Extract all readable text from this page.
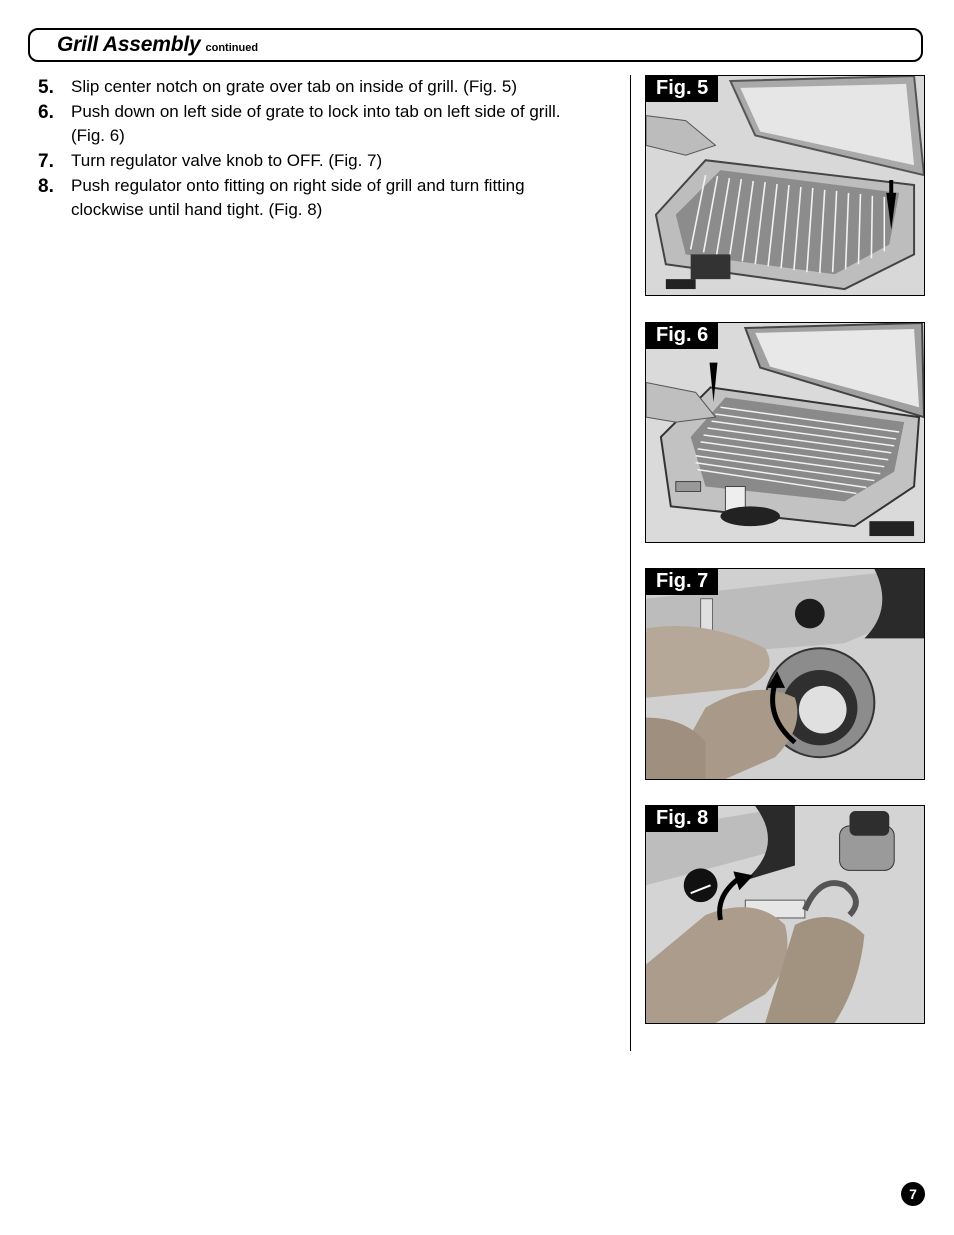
Grill Assembly continued
5. Slip center notch on grate over tab on inside of grill. (Fig. 5)
6. Push down on left side of grate to lock into tab on left side of grill. (Fig. 6)
7. Turn regulator valve knob to OFF. (Fig. 7)
8. Push regulator onto fitting on right side of grill and turn fitting clockwise until hand tight. (Fig. 8)
Fig. 5
Fig. 6
Fig. 7
Fig. 8
7
